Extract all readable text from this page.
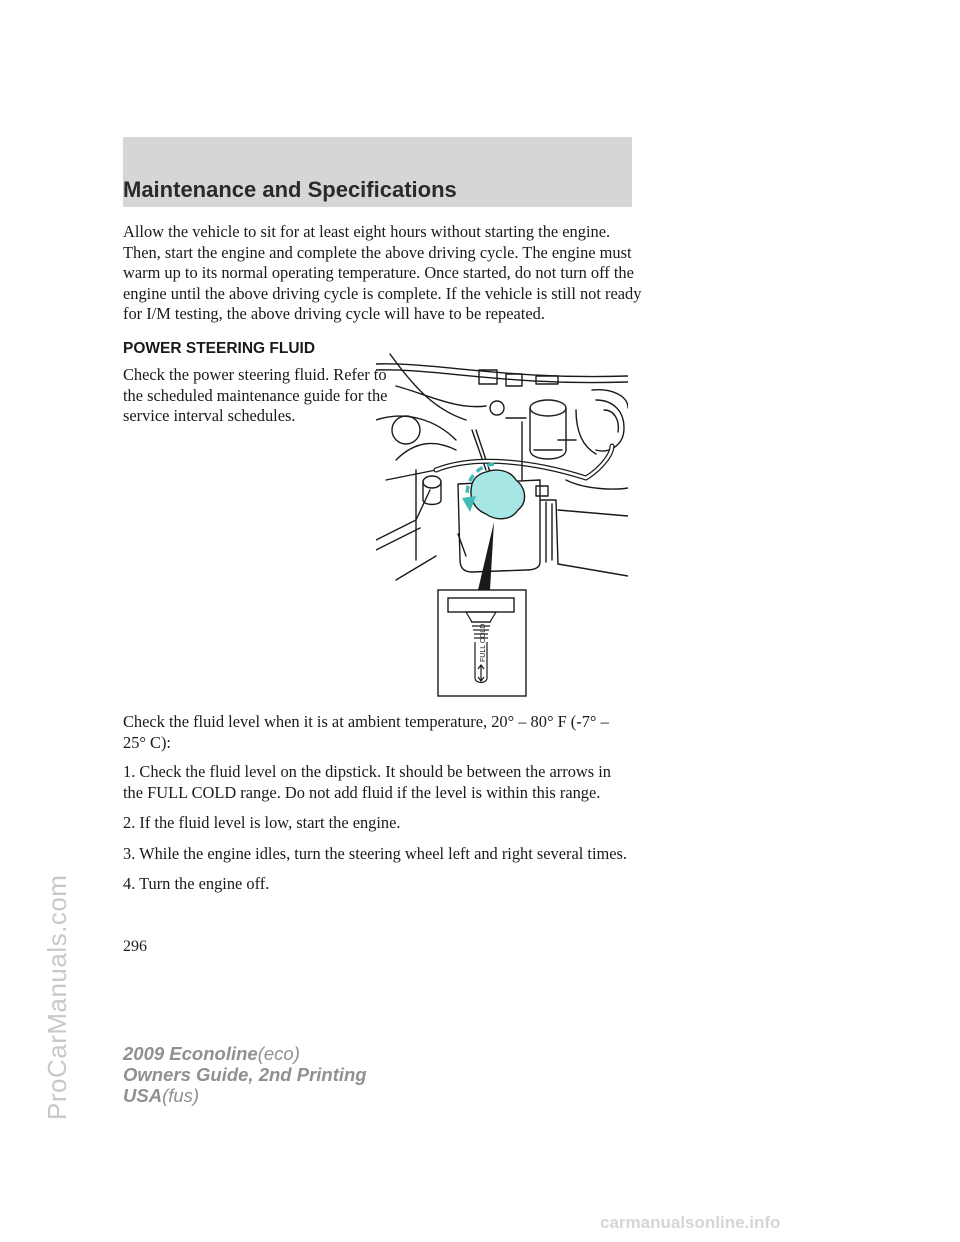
Maintenance and Specifications

Allow the vehicle to sit for at least eight hours without starting the engine. Then, start the engine and complete the above driving cycle. The engine must warm up to its normal operating temperature. Once started, do not turn off the engine until the above driving cycle is complete. If the vehicle is still not ready for I/M testing, the above driving cycle will have to be repeated.

POWER STEERING FLUID

Check the power steering fluid. Refer to the scheduled maintenance guide for the service interval schedules.

FULL COLD

Check the fluid level when it is at ambient temperature, 20° – 80° F (-7° – 25° C):

1. Check the fluid level on the dipstick. It should be between the arrows in the FULL COLD range. Do not add fluid if the level is within this range.
2. If the fluid level is low, start the engine.
3. While the engine idles, turn the steering wheel left and right several times.
4. Turn the engine off.
296
2009 Econoline(eco)
Owners Guide, 2nd Printing
USA(fus)
ProCarManuals.com
carmanualsonline.info
